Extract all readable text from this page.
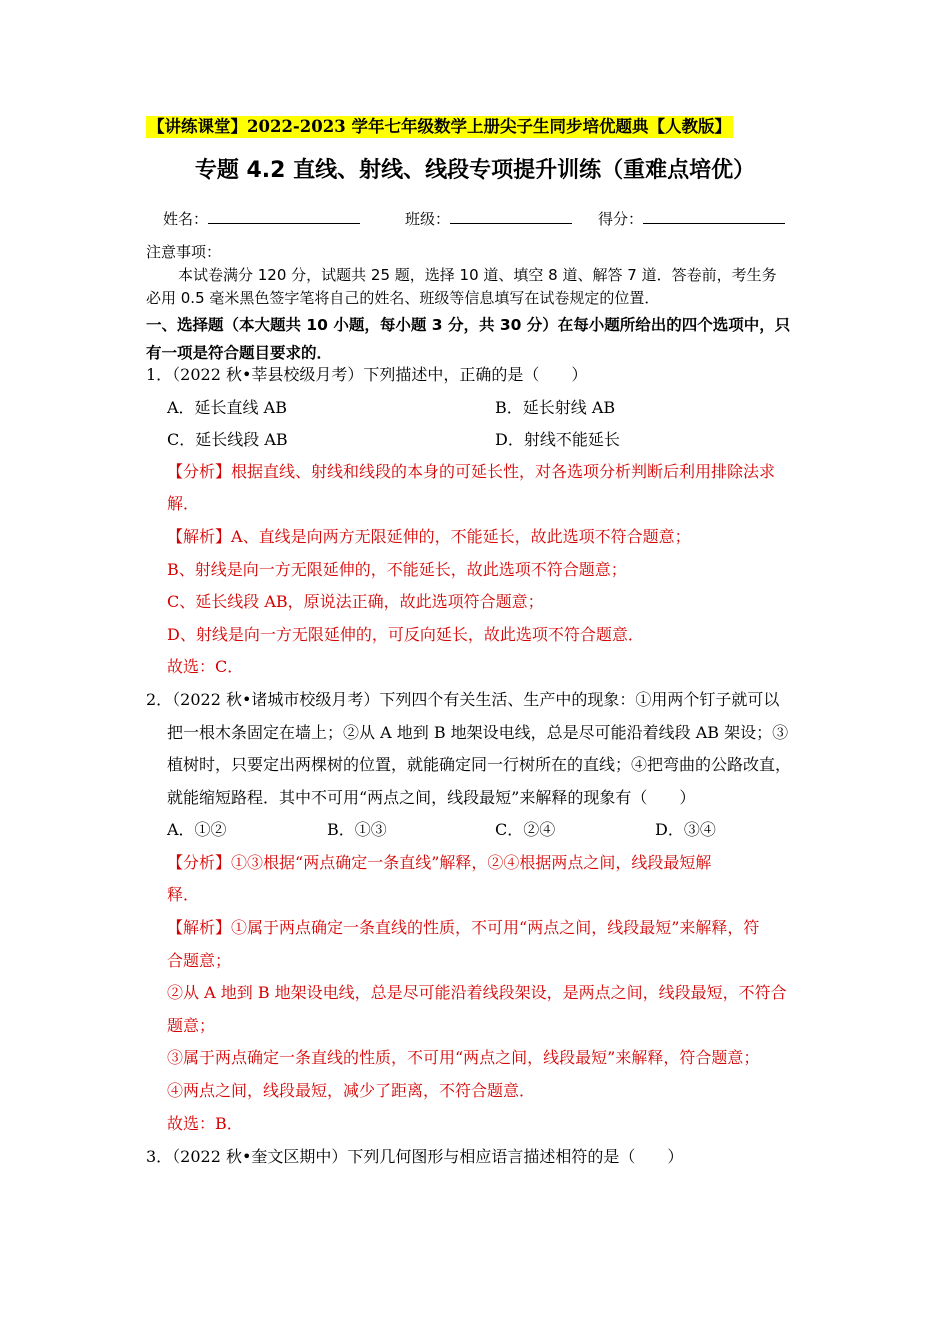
【讲练课堂】2022-2023 学年七年级数学上册尖子生同步培优题典【人教版】
专题 4.2 直线、射线、线段专项提升训练（重难点培优）
姓名：	班级：	得分：
注意事项：
本试卷满分 120 分，试题共 25 题，选择 10 道、填空 8 道、解答 7 道．答卷前，考生务
必用 0.5 毫米黑色签字笔将自己的姓名、班级等信息填写在试卷规定的位置．
一、选择题（本大题共 10 小题，每小题 3 分，共 30 分）在每小题所给出的四个选项中，只
有一项是符合题目要求的．
1．（2022 秋•莘县校级月考）下列描述中，正确的是（　　）
A．延长直线 AB	B．延长射线 AB
C．延长线段 AB	D．射线不能延长
【分析】根据直线、射线和线段的本身的可延长性，对各选项分析判断后利用排除法求
解．
【解析】A、直线是向两方无限延伸的，不能延长，故此选项不符合题意；
B、射线是向一方无限延伸的，不能延长，故此选项不符合题意；
C、延长线段 AB，原说法正确，故此选项符合题意；
D、射线是向一方无限延伸的，可反向延长，故此选项不符合题意．
故选：C．
2．（2022 秋•诸城市校级月考）下列四个有关生活、生产中的现象：①用两个钉子就可以
把一根木条固定在墙上；②从 A 地到 B 地架设电线，总是尽可能沿着线段 AB 架设；③
植树时，只要定出两棵树的位置，就能确定同一行树所在的直线；④把弯曲的公路改直，
就能缩短路程．其中不可用“两点之间，线段最短”来解释的现象有（　　）
A．①②	B．①③	C．②④	D．③④
【分析】①③根据“两点确定一条直线”解释，②④根据两点之间，线段最短解
释．
【解析】①属于两点确定一条直线的性质，不可用“两点之间，线段最短”来解释，符
合题意；
②从 A 地到 B 地架设电线，总是尽可能沿着线段架设，是两点之间，线段最短，不符合
题意；
③属于两点确定一条直线的性质，不可用“两点之间，线段最短”来解释，符合题意；
④两点之间，线段最短，减少了距离，不符合题意．
故选：B．
3．（2022 秋•奎文区期中）下列几何图形与相应语言描述相符的是（　　）
